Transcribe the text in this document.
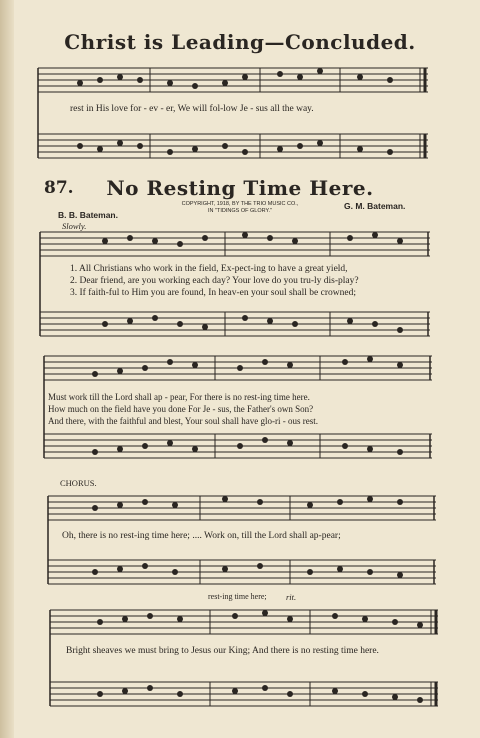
Christ is Leading—Concluded.
rest in His love for - ev - er, We will fol-low Je - sus all the way.
87.	No Resting Time Here.
B. B. Bateman.
G. M. Bateman.
COPYRIGHT, 1918, BY THE TRIO MUSIC CO.,
IN "TIDINGS OF GLORY."
Slowly.
1. All Christians who work in the field, Ex-pect-ing to have a great yield,
2. Dear friend, are you working each day? Your love do you tru-ly dis-play?
3. If faith-ful to Him you are found, In heav-en your soul shall be crowned;
Must work till the Lord shall ap - pear, For there is no rest-ing time here.
How much on the field have you done For Je - sus, the Father's own Son?
And there, with the faithful and blest, Your soul shall have glo-ri - ous rest.
CHORUS.
Oh, there is no rest-ing time here; .... Work on, till the Lord shall ap-pear;
rest-ing time here; rit.
Bright sheaves we must bring to Jesus our King; And there is no resting time here.
